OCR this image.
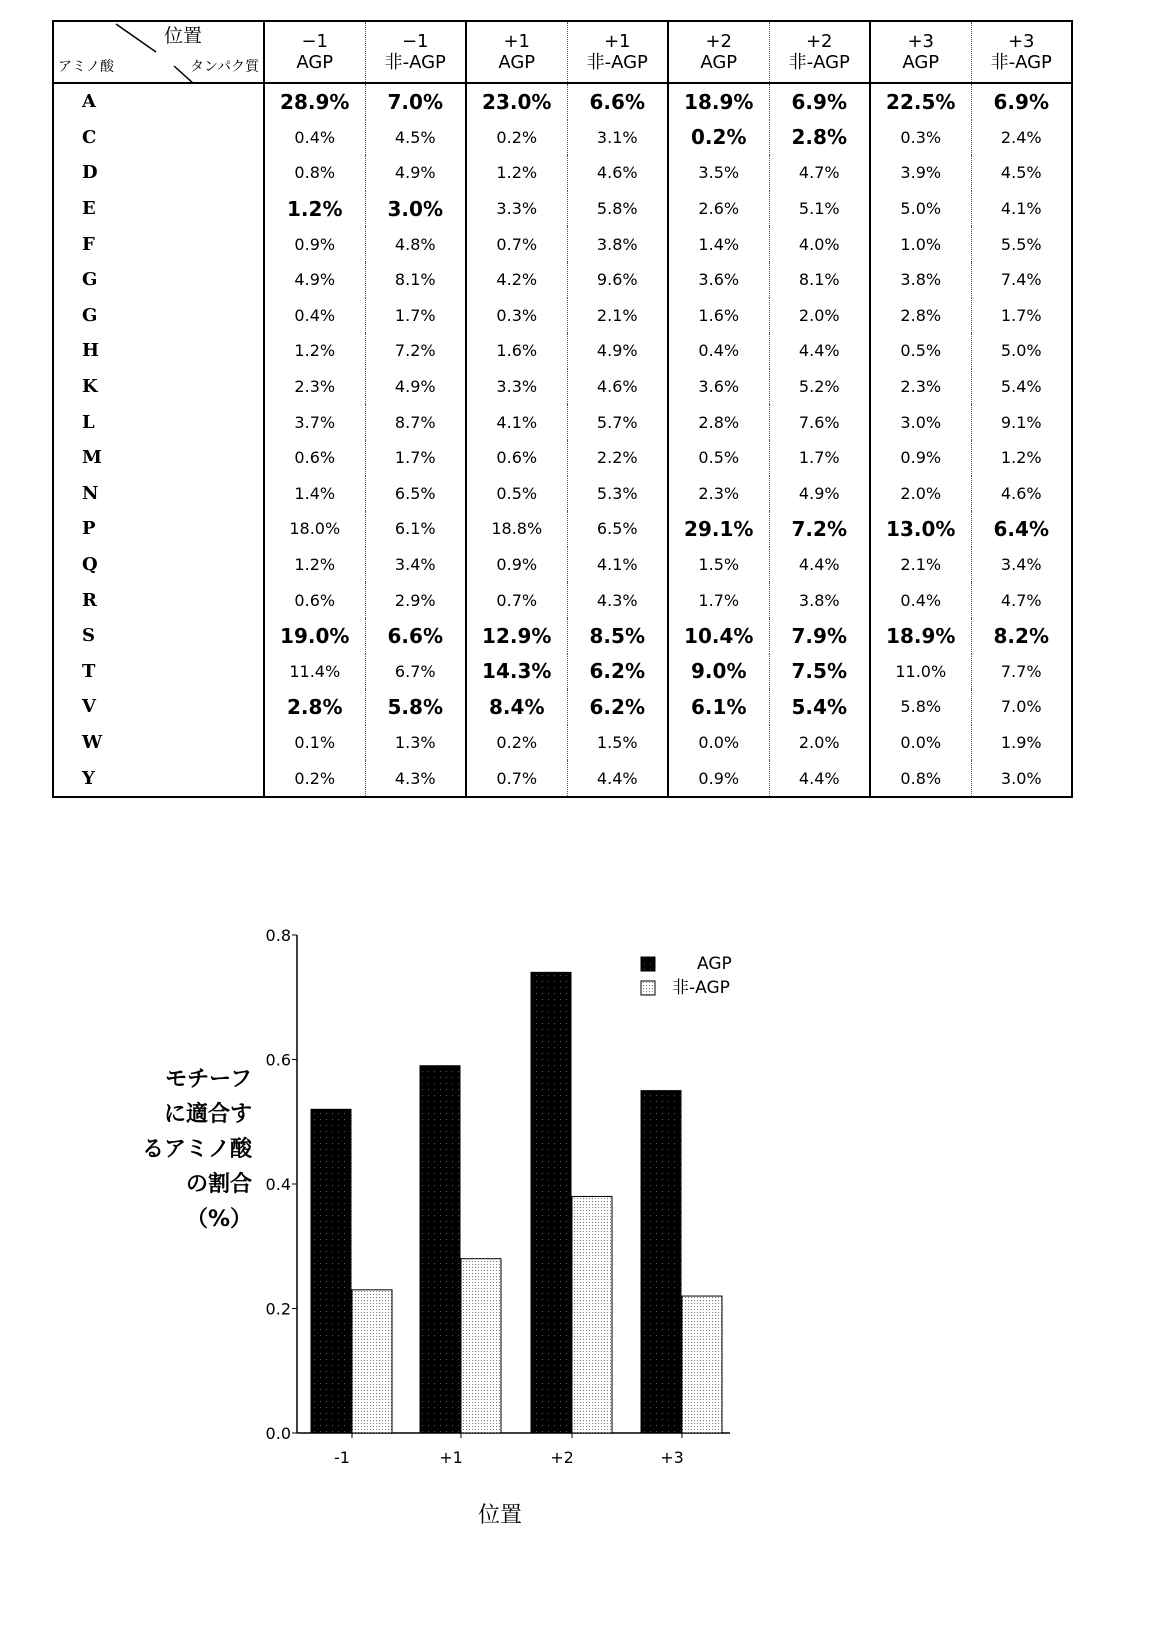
位置
アミノ酸	タンパク質

−1
AGP

−1
非-AGP

+1
AGP

+1
非-AGP

+2
AGP

+2
非-AGP

+3
AGP

+3
非-AGP

A	28.9%	7.0%	23.0%	6.6%	18.9%	6.9%	22.5%	6.9%
C	0.4%	4.5%	0.2%	3.1%	0.2%	2.8%	0.3%	2.4%
D	0.8%	4.9%	1.2%	4.6%	3.5%	4.7%	3.9%	4.5%
E	1.2%	3.0%	3.3%	5.8%	2.6%	5.1%	5.0%	4.1%
F	0.9%	4.8%	0.7%	3.8%	1.4%	4.0%	1.0%	5.5%
G	4.9%	8.1%	4.2%	9.6%	3.6%	8.1%	3.8%	7.4%
G	0.4%	1.7%	0.3%	2.1%	1.6%	2.0%	2.8%	1.7%
H	1.2%	7.2%	1.6%	4.9%	0.4%	4.4%	0.5%	5.0%
K	2.3%	4.9%	3.3%	4.6%	3.6%	5.2%	2.3%	5.4%
L	3.7%	8.7%	4.1%	5.7%	2.8%	7.6%	3.0%	9.1%
M	0.6%	1.7%	0.6%	2.2%	0.5%	1.7%	0.9%	1.2%
N	1.4%	6.5%	0.5%	5.3%	2.3%	4.9%	2.0%	4.6%
P	18.0%	6.1%	18.8%	6.5%	29.1%	7.2%	13.0%	6.4%
Q	1.2%	3.4%	0.9%	4.1%	1.5%	4.4%	2.1%	3.4%
R	0.6%	2.9%	0.7%	4.3%	1.7%	3.8%	0.4%	4.7%
S	19.0%	6.6%	12.9%	8.5%	10.4%	7.9%	18.9%	8.2%
T	11.4%	6.7%	14.3%	6.2%	9.0%	7.5%	11.0%	7.7%
V	2.8%	5.8%	8.4%	6.2%	6.1%	5.4%	5.8%	7.0%
W	0.1%	1.3%	0.2%	1.5%	0.0%	2.0%	0.0%	1.9%
Y	0.2%	4.3%	0.7%	4.4%	0.9%	4.4%	0.8%	3.0%
0.0
0.2
0.4
0.6
0.8
-1	+1	+2	+3
AGP
非-AGP
位置
モチーフ
に適合す
るアミノ酸
の割合
（%）
